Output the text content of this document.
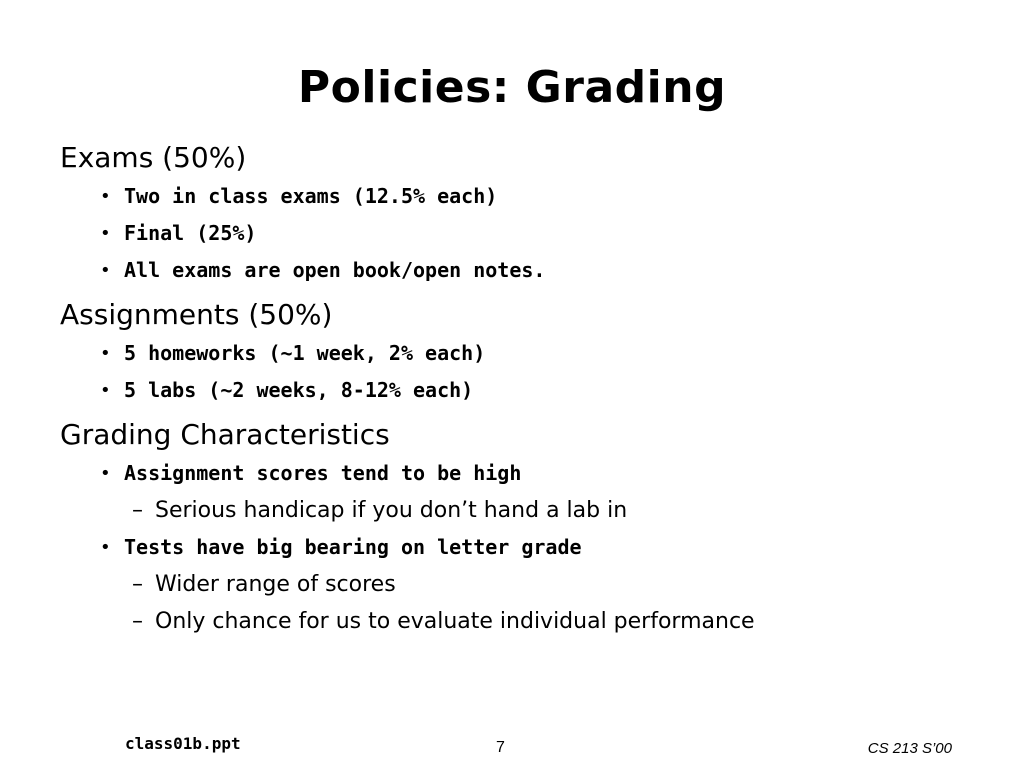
Policies: Grading
Exams (50%)
• Two in class exams (12.5% each)
• Final (25%)
• All exams are open book/open notes.
Assignments (50%)
• 5 homeworks (~1 week, 2% each)
• 5 labs (~2 weeks, 8-12% each)
Grading Characteristics
• Assignment scores tend to be high
– Serious handicap if you don’t hand a lab in
• Tests have big bearing on letter grade
– Wider range of scores
– Only chance for us to evaluate individual performance
class01b.ppt	7	CS 213 S’00
